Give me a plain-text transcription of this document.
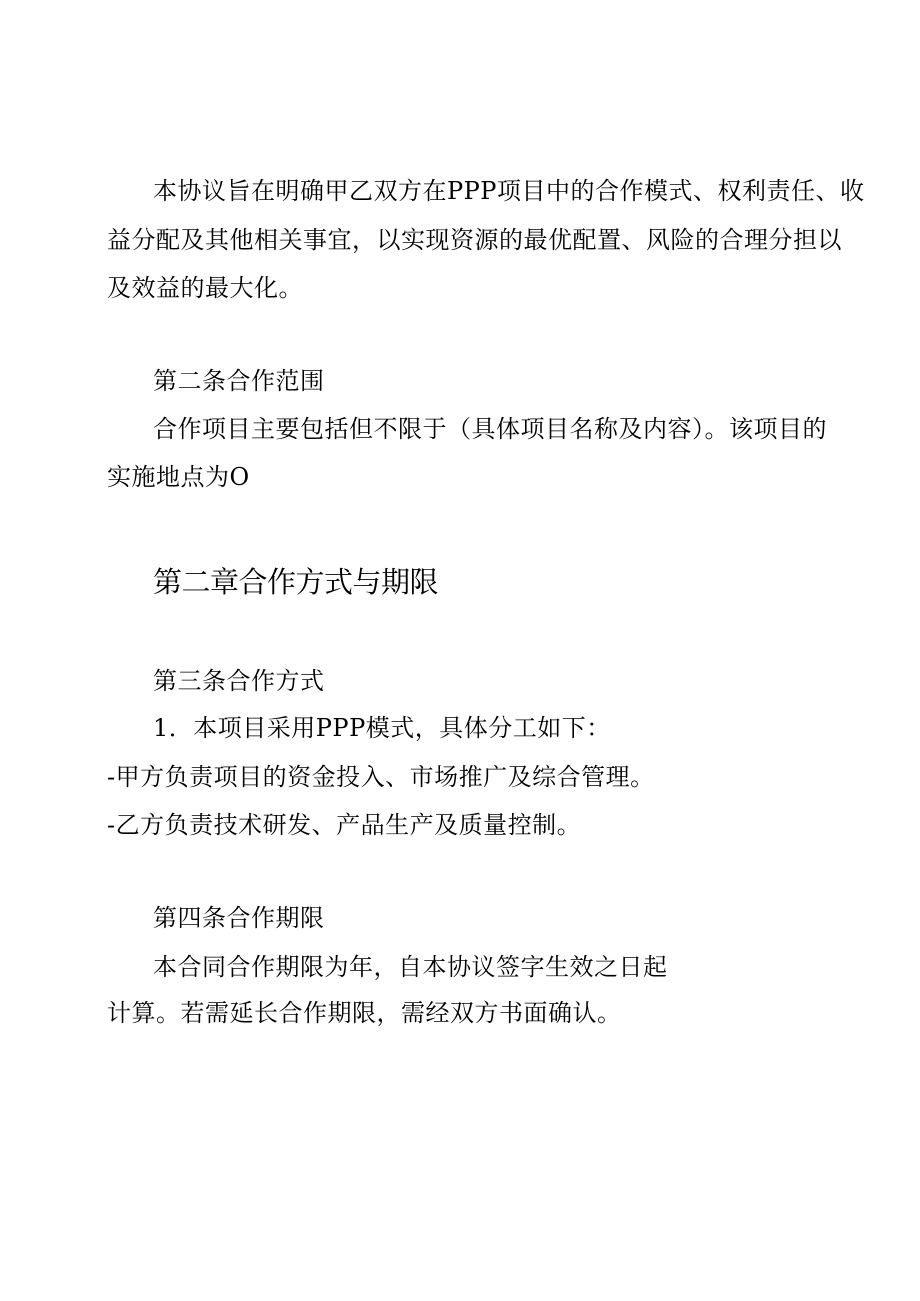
本协议旨在明确甲乙双方在PPP项目中的合作模式、权利责任、收
益分配及其他相关事宜，以实现资源的最优配置、风险的合理分担以
及效益的最大化。
第二条合作范围
合作项目主要包括但不限于（具体项目名称及内容）。该项目的
实施地点为O
第二章合作方式与期限
第三条合作方式
1．本项目采用PPP模式，具体分工如下：
-甲方负责项目的资金投入、市场推广及综合管理。
-乙方负责技术研发、产品生产及质量控制。
第四条合作期限
本合同合作期限为年，自本协议签字生效之日起
计算。若需延长合作期限，需经双方书面确认。
